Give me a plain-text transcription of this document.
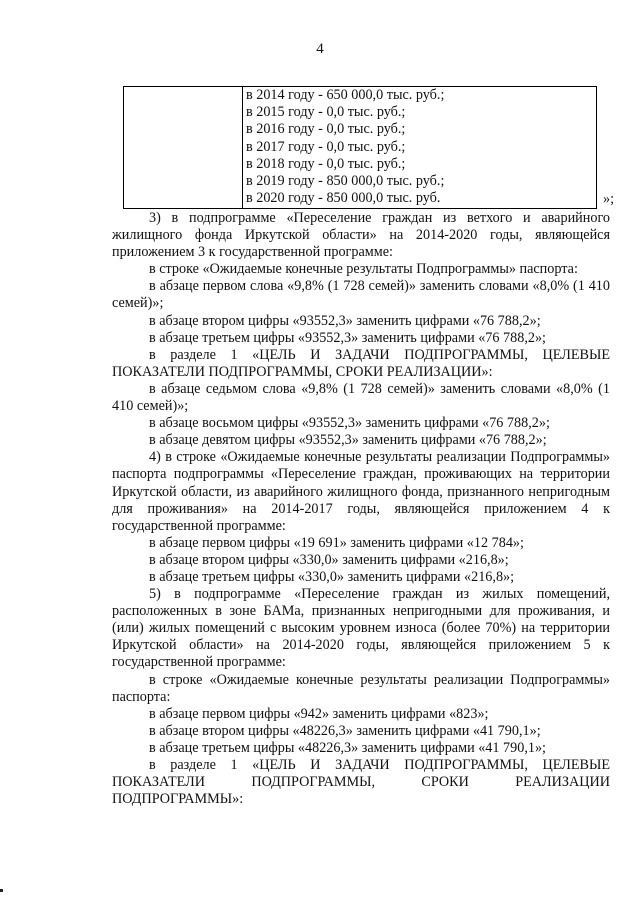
4

в 2014 году - 650 000,0 тыс. руб.;
в 2015 году - 0,0 тыс. руб.;
в 2016 году - 0,0 тыс. руб.;
в 2017 году - 0,0 тыс. руб.;
в 2018 году - 0,0 тыс. руб.;
в 2019 году - 850 000,0 тыс. руб.;
в 2020 году - 850 000,0 тыс. руб.	»;

3) в подпрограмме «Переселение граждан из ветхого и аварийного жилищного фонда Иркутской области» на 2014-2020 годы, являющейся приложением 3 к государственной программе:

в строке «Ожидаемые конечные результаты Подпрограммы» паспорта:

в абзаце первом слова «9,8% (1 728 семей)» заменить словами «8,0% (1 410 семей)»;

в абзаце втором цифры «93552,3» заменить цифрами «76 788,2»;

в абзаце третьем цифры «93552,3» заменить цифрами «76 788,2»;

в разделе 1 «ЦЕЛЬ И ЗАДАЧИ ПОДПРОГРАММЫ, ЦЕЛЕВЫЕ ПОКАЗАТЕЛИ ПОДПРОГРАММЫ, СРОКИ РЕАЛИЗАЦИИ»:

в абзаце седьмом слова «9,8% (1 728 семей)» заменить словами «8,0% (1 410 семей)»;

в абзаце восьмом цифры «93552,3» заменить цифрами «76 788,2»;

в абзаце девятом цифры «93552,3» заменить цифрами «76 788,2»;

4) в строке «Ожидаемые конечные результаты реализации Подпрограммы» паспорта подпрограммы «Переселение граждан, проживающих на территории Иркутской области, из аварийного жилищного фонда, признанного непригодным для проживания» на 2014-2017 годы, являющейся приложением 4 к государственной программе:

в абзаце первом цифры «19 691» заменить цифрами «12 784»;

в абзаце втором цифры «330,0» заменить цифрами «216,8»;

в абзаце третьем цифры «330,0» заменить цифрами «216,8»;

5) в подпрограмме «Переселение граждан из жилых помещений, расположенных в зоне БАМа, признанных непригодными для проживания, и (или) жилых помещений с высоким уровнем износа (более 70%) на территории Иркутской области» на 2014-2020 годы, являющейся приложением 5 к государственной программе:

в строке «Ожидаемые конечные результаты реализации Подпрограммы» паспорта:

в абзаце первом цифры «942» заменить цифрами «823»;

в абзаце втором цифры «48226,3» заменить цифрами «41 790,1»;

в абзаце третьем цифры «48226,3» заменить цифрами «41 790,1»;

в разделе 1 «ЦЕЛЬ И ЗАДАЧИ ПОДПРОГРАММЫ, ЦЕЛЕВЫЕ ПОКАЗАТЕЛИ ПОДПРОГРАММЫ, СРОКИ РЕАЛИЗАЦИИ ПОДПРОГРАММЫ»:
